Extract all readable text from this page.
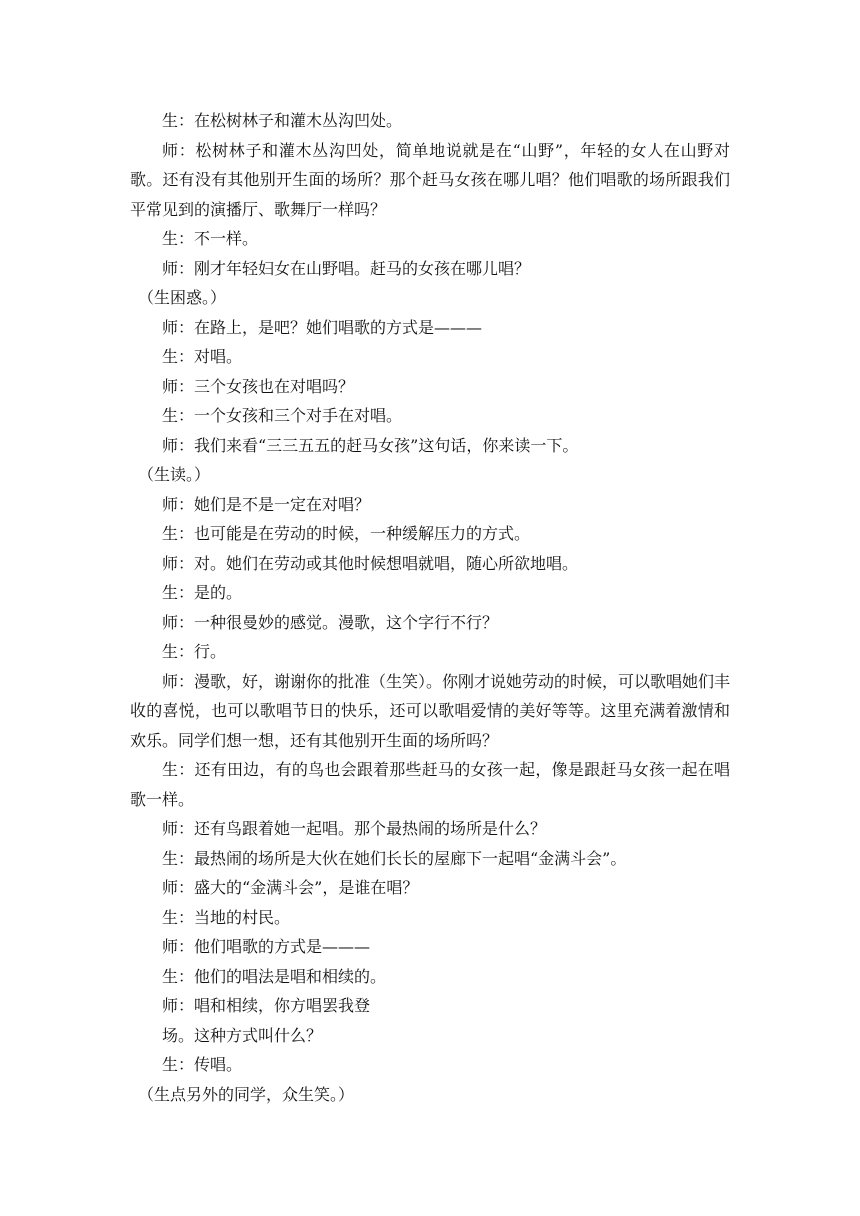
生：在松树林子和灌木丛沟凹处。

师：松树林子和灌木丛沟凹处，简单地说就是在“山野”，年轻的女人在山野对歌。还有没有其他别开生面的场所？那个赶马女孩在哪儿唱？他们唱歌的场所跟我们平常见到的演播厅、歌舞厅一样吗？

生：不一样。

师：刚才年轻妇女在山野唱。赶马的女孩在哪儿唱？

（生困惑。）

师：在路上，是吧？她们唱歌的方式是———

生：对唱。

师：三个女孩也在对唱吗？

生：一个女孩和三个对手在对唱。

师：我们来看“三三五五的赶马女孩”这句话，你来读一下。

（生读。）

师：她们是不是一定在对唱？

生：也可能是在劳动的时候，一种缓解压力的方式。

师：对。她们在劳动或其他时候想唱就唱，随心所欲地唱。

生：是的。

师：一种很曼妙的感觉。漫歌，这个字行不行？

生：行。

师：漫歌，好，谢谢你的批准（生笑）。你刚才说她劳动的时候，可以歌唱她们丰收的喜悦，也可以歌唱节日的快乐，还可以歌唱爱情的美好等等。这里充满着激情和欢乐。同学们想一想，还有其他别开生面的场所吗？

生：还有田边，有的鸟也会跟着那些赶马的女孩一起，像是跟赶马女孩一起在唱歌一样。

师：还有鸟跟着她一起唱。那个最热闹的场所是什么？

生：最热闹的场所是大伙在她们长长的屋廊下一起唱“金满斗会”。

师：盛大的“金满斗会”，是谁在唱？

生：当地的村民。

师：他们唱歌的方式是———

生：他们的唱法是唱和相续的。

师：唱和相续，你方唱罢我登

场。这种方式叫什么？

生：传唱。

（生点另外的同学，众生笑。）
